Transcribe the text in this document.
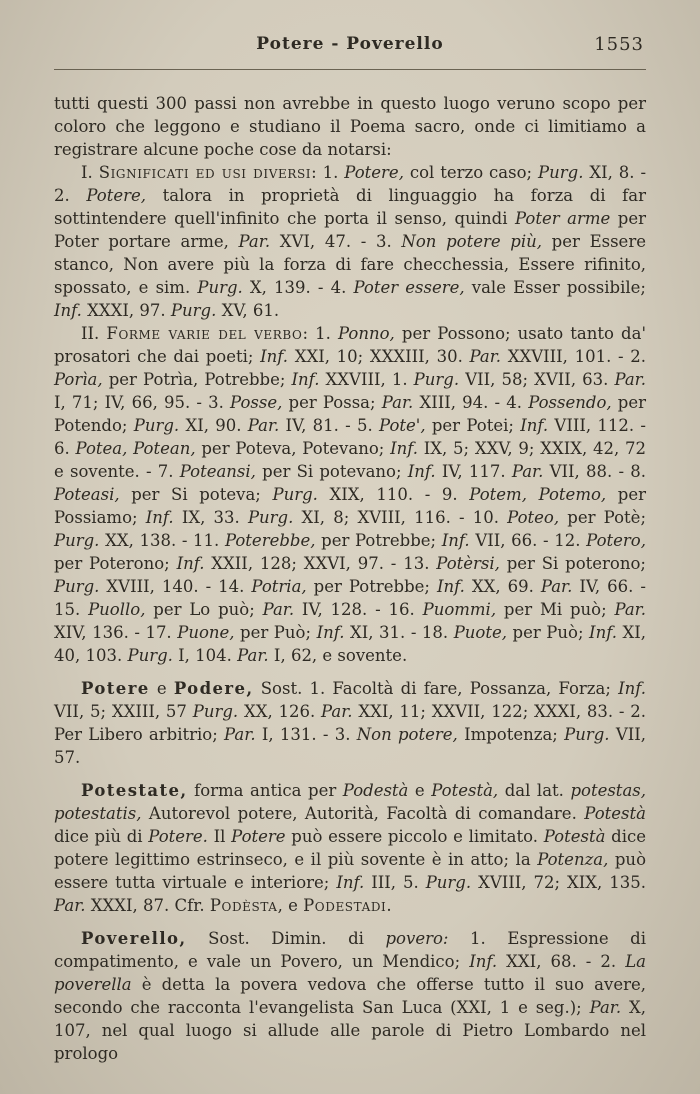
Potere - Poverello	1553

tutti questi 300 passi non avrebbe in questo luogo veruno scopo per coloro che leggono e studiano il Poema sacro, onde ci limitiamo a registrare alcune poche cose da notarsi:

I. Significati ed usi diversi: 1. Potere, col terzo caso; Purg. XI, 8. - 2. Potere, talora in proprietà di linguaggio ha forza di far sottintendere quell'infinito che porta il senso, quindi Poter arme per Poter portare arme, Par. XVI, 47. - 3. Non potere più, per Essere stanco, Non avere più la forza di fare checchessia, Essere rifinito, spossato, e sim. Purg. X, 139. - 4. Poter essere, vale Esser possibile; Inf. XXXI, 97. Purg. XV, 61.

II. Forme varie del verbo: 1. Ponno, per Possono; usato tanto da' prosatori che dai poeti; Inf. XXI, 10; XXXIII, 30. Par. XXVIII, 101. - 2. Porìa, per Potrìa, Potrebbe; Inf. XXVIII, 1. Purg. VII, 58; XVII, 63. Par. I, 71; IV, 66, 95. - 3. Posse, per Possa; Par. XIII, 94. - 4. Possendo, per Potendo; Purg. XI, 90. Par. IV, 81. - 5. Pote', per Potei; Inf. VIII, 112. - 6. Potea, Potean, per Poteva, Potevano; Inf. IX, 5; XXV, 9; XXIX, 42, 72 e sovente. - 7. Poteansi, per Si potevano; Inf. IV, 117. Par. VII, 88. - 8. Poteasi, per Si poteva; Purg. XIX, 110. - 9. Potem, Potemo, per Possiamo; Inf. IX, 33. Purg. XI, 8; XVIII, 116. - 10. Poteo, per Potè; Purg. XX, 138. - 11. Poterebbe, per Potrebbe; Inf. VII, 66. - 12. Potero, per Poterono; Inf. XXII, 128; XXVI, 97. - 13. Potèrsi, per Si poterono; Purg. XVIII, 140. - 14. Potria, per Potrebbe; Inf. XX, 69. Par. IV, 66. - 15. Puollo, per Lo può; Par. IV, 128. - 16. Puommi, per Mi può; Par. XIV, 136. - 17. Puone, per Può; Inf. XI, 31. - 18. Puote, per Può; Inf. XI, 40, 103. Purg. I, 104. Par. I, 62, e sovente.

Potere e Podere, Sost. 1. Facoltà di fare, Possanza, Forza; Inf. VII, 5; XXIII, 57 Purg. XX, 126. Par. XXI, 11; XXVII, 122; XXXI, 83. - 2. Per Libero arbitrio; Par. I, 131. - 3. Non potere, Impotenza; Purg. VII, 57.

Potestate, forma antica per Podestà e Potestà, dal lat. potestas, potestatis, Autorevol potere, Autorità, Facoltà di comandare. Potestà dice più di Potere. Il Potere può essere piccolo e limitato. Potestà dice potere legittimo estrinseco, e il più sovente è in atto; la Potenza, può essere tutta virtuale e interiore; Inf. III, 5. Purg. XVIII, 72; XIX, 135. Par. XXXI, 87. Cfr. Podèsta, e Podestadi.

Poverello, Sost. Dimin. di povero: 1. Espressione di compatimento, e vale un Povero, un Mendico; Inf. XXI, 68. - 2. La poverella è detta la povera vedova che offerse tutto il suo avere, secondo che racconta l'evangelista San Luca (XXI, 1 e seg.); Par. X, 107, nel qual luogo si allude alle parole di Pietro Lombardo nel prologo
